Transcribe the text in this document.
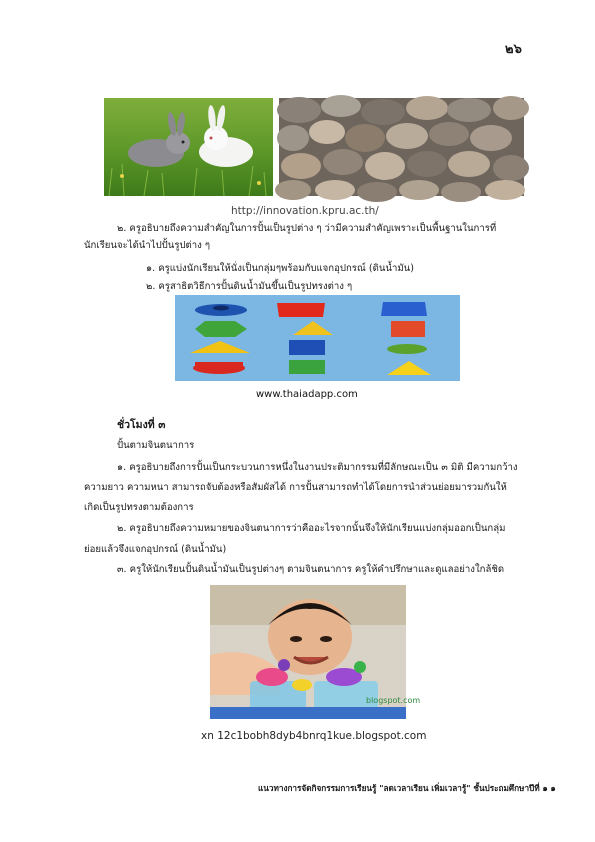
๒๖
http://innovation.kpru.ac.th/
๒. ครูอธิบายถึงความสำคัญในการปั้นเป็นรูปต่าง ๆ ว่ามีความสำคัญเพราะเป็นพื้นฐานในการที่
นักเรียนจะได้นำไปปั้นรูปต่าง ๆ
๑. ครูแบ่งนักเรียนให้นั่งเป็นกลุ่มๆพร้อมกับแจกอุปกรณ์ (ดินน้ำมัน)
๒. ครูสาธิตวิธีการปั้นดินน้ำมันขึ้นเป็นรูปทรงต่าง ๆ
www.thaiadapp.com
ชั่วโมงที่ ๓
ปั้นตามจินตนาการ
๑. ครูอธิบายถึงการปั้นเป็นกระบวนการหนึ่งในงานประติมากรรมที่มีลักษณะเป็น ๓ มิติ มีความกว้าง
ความยาว ความหนา สามารถจับต้องหรือสัมผัสได้ การปั้นสามารถทำได้โดยการนำส่วนย่อยมารวมกันให้
เกิดเป็นรูปทรงตามต้องการ
๒. ครูอธิบายถึงความหมายของจินตนาการว่าคืออะไรจากนั้นจึงให้นักเรียนแบ่งกลุ่มออกเป็นกลุ่ม
ย่อยแล้วจึงแจกอุปกรณ์ (ดินน้ำมัน)
๓. ครูให้นักเรียนปั้นดินน้ำมันเป็นรูปต่างๆ ตามจินตนาการ ครูให้คำปรึกษาและดูแลอย่างใกล้ชิด
blogspot.com
xn 12c1bobh8dyb4bnrq1kue.blogspot.com
แนวทางการจัดกิจกรรมการเรียนรู้ "ลดเวลาเรียน เพิ่มเวลารู้" ชั้นประถมศึกษาปีที่ ๑ ๑
